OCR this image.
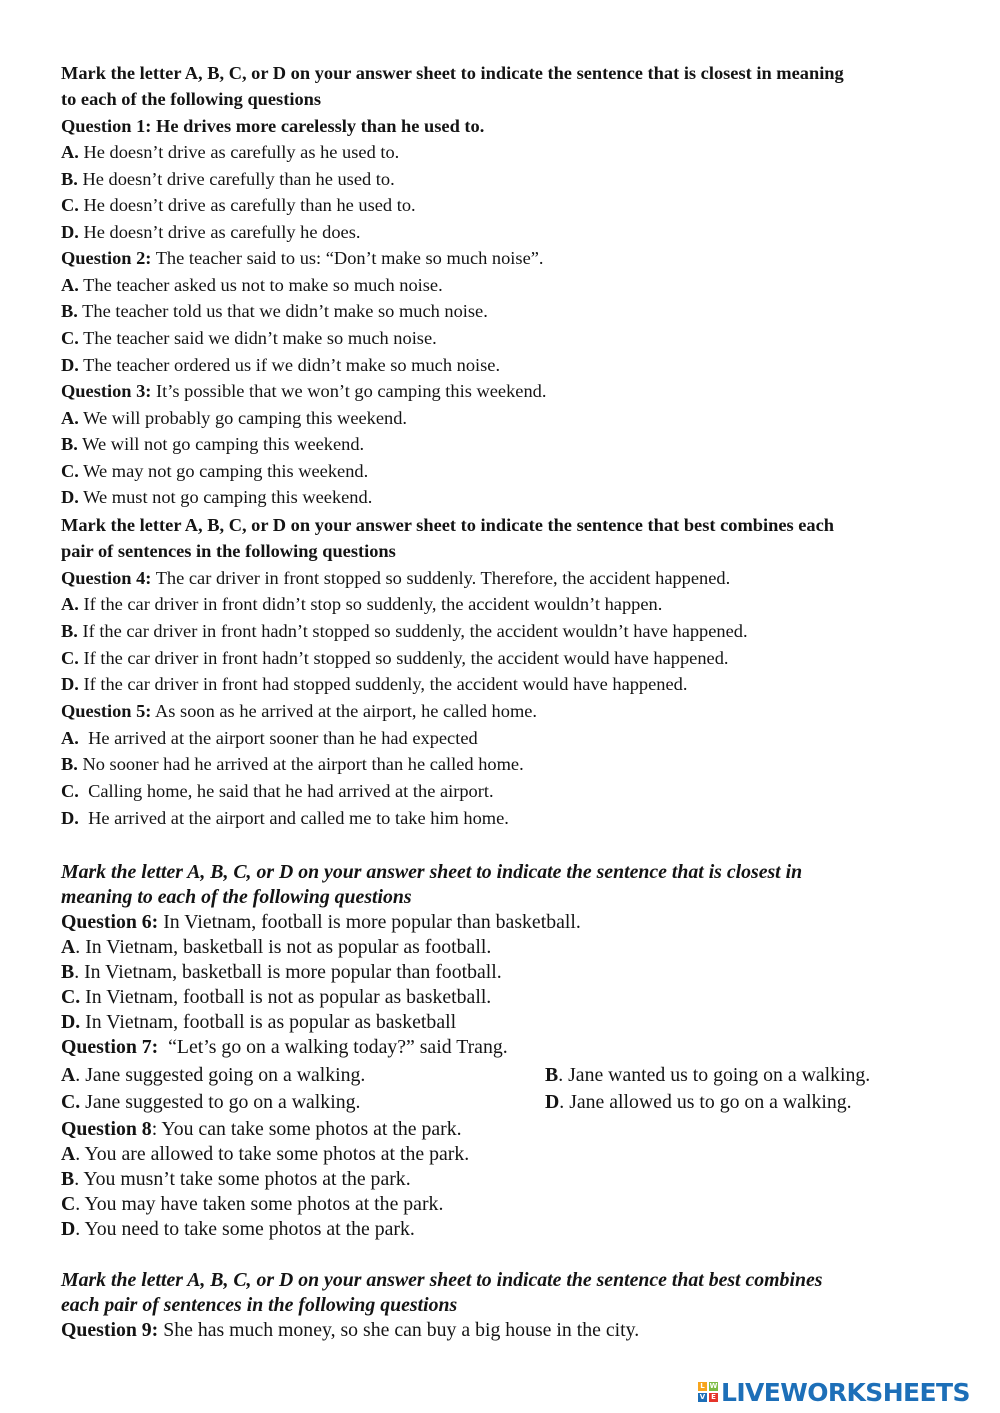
Mark the letter A, B, C, or D on your answer sheet to indicate the sentence that is closest in meaning
to each of the following questions
Question 1: He drives more carelessly than he used to.
A. He doesn’t drive as carefully as he used to.
B. He doesn’t drive carefully than he used to.
C. He doesn’t drive as carefully than he used to.
D. He doesn’t drive as carefully he does.
Question 2: The teacher said to us: “Don’t make so much noise”.
A. The teacher asked us not to make so much noise.
B. The teacher told us that we didn’t make so much noise.
C. The teacher said we didn’t make so much noise.
D. The teacher ordered us if we didn’t make so much noise.
Question 3: It’s possible that we won’t go camping this weekend.
A. We will probably go camping this weekend.
B. We will not go camping this weekend.
C. We may not go camping this weekend.
D. We must not go camping this weekend.
Mark the letter A, B, C, or D on your answer sheet to indicate the sentence that best combines each
pair of sentences in the following questions
Question 4: The car driver in front stopped so suddenly. Therefore, the accident happened.
A. If the car driver in front didn’t stop so suddenly, the accident wouldn’t happen.
B. If the car driver in front hadn’t stopped so suddenly, the accident wouldn’t have happened.
C. If the car driver in front hadn’t stopped so suddenly, the accident would have happened.
D. If the car driver in front had stopped suddenly, the accident would have happened.
Question 5: As soon as he arrived at the airport, he called home.
A.  He arrived at the airport sooner than he had expected
B. No sooner had he arrived at the airport than he called home.
C.  Calling home, he said that he had arrived at the airport.
D.  He arrived at the airport and called me to take him home.
Mark the letter A, B, C, or D on your answer sheet to indicate the sentence that is closest in
meaning to each of the following questions
Question 6: In Vietnam, football is more popular than basketball.
A. In Vietnam, basketball is not as popular as football.
B. In Vietnam, basketball is more popular than football.
C. In Vietnam, football is not as popular as basketball.
D. In Vietnam, football is as popular as basketball
Question 7:  “Let’s go on a walking today?” said Trang.
A. Jane suggested going on a walking.	B. Jane wanted us to going on a walking.
C. Jane suggested to go on a walking.	D. Jane allowed us to go on a walking.
Question 8: You can take some photos at the park.
A. You are allowed to take some photos at the park.
B. You musn’t take some photos at the park.
C. You may have taken some photos at the park.
D. You need to take some photos at the park.
Mark the letter A, B, C, or D on your answer sheet to indicate the sentence that best combines
each pair of sentences in the following questions
Question 9: She has much money, so she can buy a big house in the city.
L W
V E LIVEWORKSHEETS
